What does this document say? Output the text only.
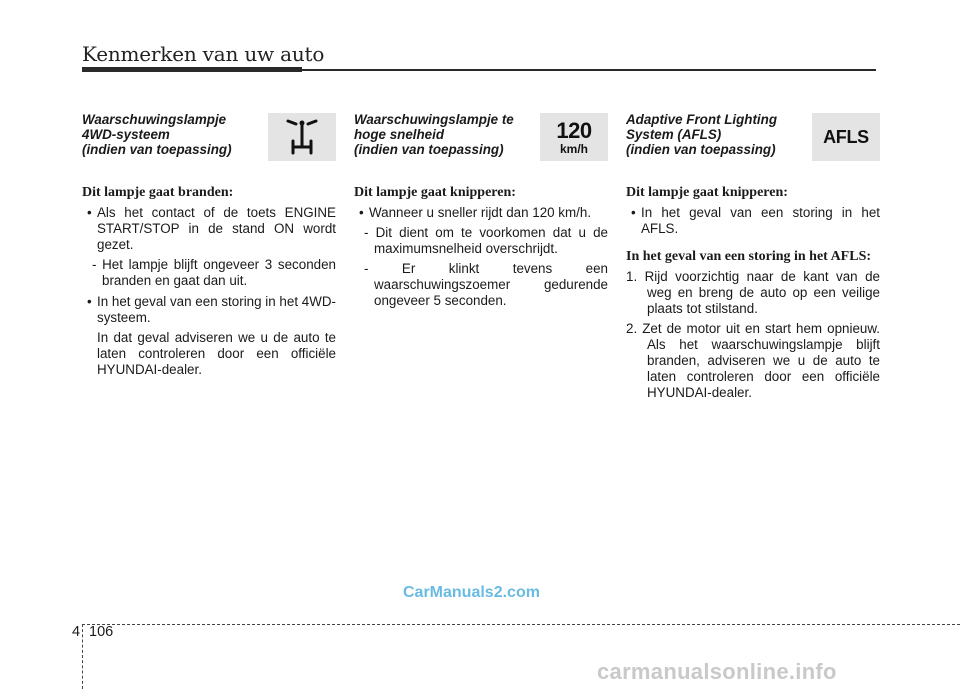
Kenmerken van uw auto
Waarschuwingslampje
4WD-systeem
(indien van toepassing)
Dit lampje gaat branden:

• Als het contact of de toets ENGINE START/STOP in de stand ON wordt gezet.

- Het lampje blijft ongeveer 3 seconden branden en gaat dan uit.

• In het geval van een storing in het 4WD-systeem.

In dat geval adviseren we u de auto te laten controleren door een officiële HYUNDAI-dealer.

Waarschuwingslampje te
hoge snelheid
(indien van toepassing)
120
km/h
Dit lampje gaat knipperen:

• Wanneer u sneller rijdt dan 120 km/h.

- Dit dient om te voorkomen dat u de maximumsnelheid overschrijdt.

- Er klinkt tevens een waarschuwingszoemer gedurende ongeveer 5 seconden.

Adaptive Front Lighting
System (AFLS)
(indien van toepassing)
AFLS
Dit lampje gaat knipperen:

• In het geval van een storing in het AFLS.

In het geval van een storing in het AFLS:

1. Rijd voorzichtig naar de kant van de weg en breng de auto op een veilige plaats tot stilstand.

2. Zet de motor uit en start hem opnieuw. Als het waarschuwingslampje blijft branden, adviseren we u de auto te laten controleren door een officiële HYUNDAI-dealer.

CarManuals2.com
4 106
carmanualsonline.info
